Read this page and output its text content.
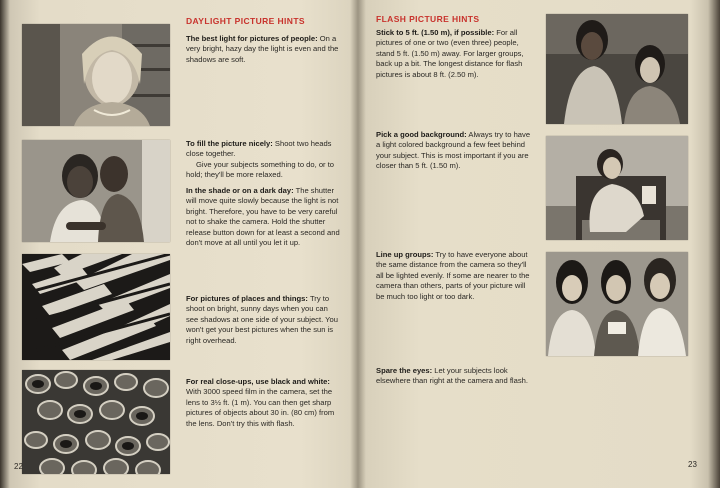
DAYLIGHT PICTURE HINTS
The best light for pictures of people: On a very bright, hazy day the light is even and the shadows are soft.
To fill the picture nicely: Shoot two heads close together.
Give your subjects something to do, or to hold; they'll be more relaxed.
In the shade or on a dark day: The shutter will move quite slowly because the light is not bright. Therefore, you have to be very careful not to shake the camera. Hold the shutter release button down for at least a second and don't move at all until you let it up.
For pictures of places and things: Try to shoot on bright, sunny days when you can see shadows at one side of your subject. You won't get your best pictures when the sun is right overhead.
For real close-ups, use black and white: With 3000 speed film in the camera, set the lens to 3½ ft. (1 m). You can then get sharp pictures of objects about 30 in. (80 cm) from the lens. Don't try this with flash.
22
FLASH PICTURE HINTS
Stick to 5 ft. (1.50 m), if possible: For all pictures of one or two (even three) people, stand 5 ft. (1.50 m) away. For larger groups, back up a bit. The longest distance for flash pictures is about 8 ft. (2.50 m).
Pick a good background: Always try to have a light colored background a few feet behind your subject. This is most important if you are closer than 5 ft. (1.50 m).
Line up groups: Try to have everyone about the same distance from the camera so they'll all be lighted evenly. If some are nearer to the camera than others, parts of your picture will be much too light or too dark.
Spare the eyes: Let your subjects look elsewhere than right at the camera and flash.
23
